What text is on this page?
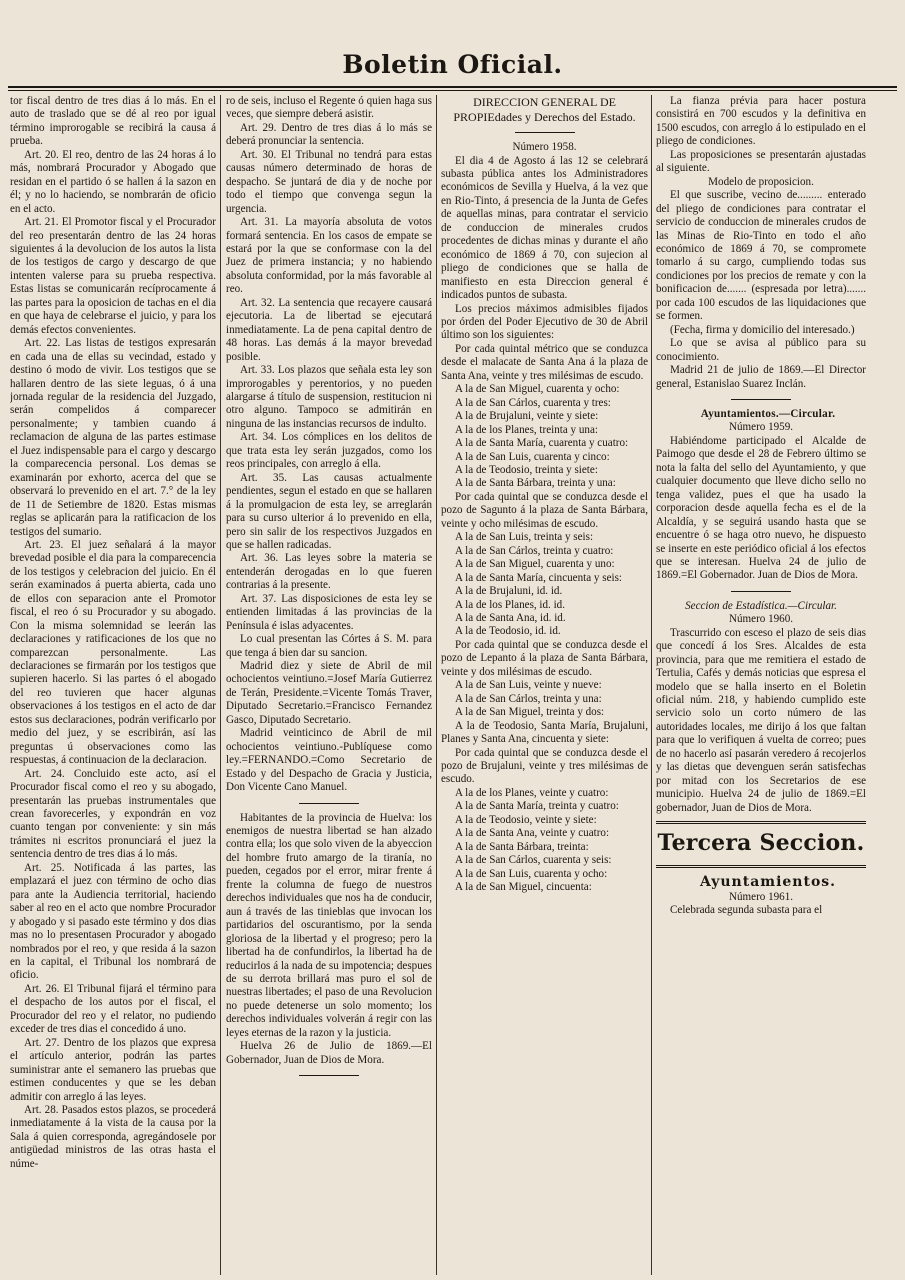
Boletin Oficial.

tor fiscal dentro de tres dias á lo más. En el auto de traslado que se dé al reo por igual término improrogable se recibirá la causa á prueba.

Art. 20. El reo, dentro de las 24 horas á lo más, nombrará Procurador y Abogado que residan en el partido ó se hallen á la sazon en él; y no lo haciendo, se nombrarán de oficio en el acto.

Art. 21. El Promotor fiscal y el Procurador del reo presentarán dentro de las 24 horas siguientes á la devolucion de los autos la lista de los testigos de cargo y descargo de que intenten valerse para su prueba respectiva. Estas listas se comunicarán recíprocamente á las partes para la oposicion de tachas en el dia en que haya de celebrarse el juicio, y para los demás efectos convenientes.

Art. 22. Las listas de testigos expresarán en cada una de ellas su vecindad, estado y destino ó modo de vivir. Los testigos que se hallaren dentro de las siete leguas, ó á una jornada regular de la residencia del Juzgado, serán compelidos á comparecer personalmente; y tambien cuando á reclamacion de alguna de las partes estimase el Juez indispensable para el cargo y descargo la comparecencia personal. Los demas se examinarán por exhorto, acerca del que se observará lo prevenido en el art. 7.° de la ley de 11 de Setiembre de 1820. Estas mismas reglas se aplicarán para la ratificacion de los testigos del sumario.

Art. 23. El juez señalará á la mayor brevedad posible el dia para la comparecencia de los testigos y celebracion del juicio. En él serán examinados á puerta abierta, cada uno de ellos con separacion ante el Promotor fiscal, el reo ó su Procurador y su abogado. Con la misma solemnidad se leerán las declaraciones y ratificaciones de los que no comparezcan personalmente. Las declaraciones se firmarán por los testigos que supieren hacerlo. Si las partes ó el abogado del reo tuvieren que hacer algunas observaciones á los testigos en el acto de dar estos sus declaraciones, podrán verificarlo por medio del juez, y se escribirán, así las preguntas ú observaciones como las respuestas, á continuacion de la declaracion.

Art. 24. Concluido este acto, así el Procurador fiscal como el reo y su abogado, presentarán las pruebas instrumentales que crean favorecerles, y expondrán en voz cuanto tengan por conveniente: y sin más trámites ni escritos pronunciará el juez la sentencia dentro de tres dias á lo más.

Art. 25. Notificada á las partes, las emplazará el juez con término de ocho dias para ante la Audiencia territorial, haciendo saber al reo en el acto que nombre Procurador y abogado y si pasado este término y dos dias mas no lo presentasen Procurador y abogado nombrados por el reo, y que resida á la sazon en la capital, el Tribunal los nombrará de oficio.

Art. 26. El Tribunal fijará el término para el despacho de los autos por el fiscal, el Procurador del reo y el relator, no pudiendo exceder de tres dias el concedido á uno.

Art. 27. Dentro de los plazos que expresa el artículo anterior, podrán las partes suministrar ante el semanero las pruebas que estimen conducentes y que se les deban admitir con arreglo á las leyes.

Art. 28. Pasados estos plazos, se procederá inmediatamente á la vista de la causa por la Sala á quien corresponda, agregándosele por antigüedad ministros de las otras hasta el núme-

ro de seis, incluso el Regente ó quien haga sus veces, que siempre deberá asistir.

Art. 29. Dentro de tres dias á lo más se deberá pronunciar la sentencia.

Art. 30. El Tribunal no tendrá para estas causas número determinado de horas de despacho. Se juntará de dia y de noche por todo el tiempo que convenga segun la urgencia.

Art. 31. La mayoría absoluta de votos formará sentencia. En los casos de empate se estará por la que se conformase con la del Juez de primera instancia; y no habiendo absoluta conformidad, por la más favorable al reo.

Art. 32. La sentencia que recayere causará ejecutoria. La de libertad se ejecutará inmediatamente. La de pena capital dentro de 48 horas. Las demás á la mayor brevedad posible.

Art. 33. Los plazos que señala esta ley son improrogables y perentorios, y no pueden alargarse á título de suspension, restitucion ni otro alguno. Tampoco se admitirán en ninguna de las instancias recursos de indulto.

Art. 34. Los cómplices en los delitos de que trata esta ley serán juzgados, como los reos principales, con arreglo á ella.

Art. 35. Las causas actualmente pendientes, segun el estado en que se hallaren á la promulgacion de esta ley, se arreglarán para su curso ulterior á lo prevenido en ella, pero sin salir de los respectivos Juzgados en que se hallen radicadas.

Art. 36. Las leyes sobre la materia se entenderán derogadas en lo que fueren contrarias á la presente.

Art. 37. Las disposiciones de esta ley se entienden limitadas á las provincias de la Península é islas adyacentes.

Lo cual presentan las Córtes á S. M. para que tenga á bien dar su sancion.

Madrid diez y siete de Abril de mil ochocientos veintiuno.=Josef María Gutierrez de Terán, Presidente.=Vicente Tomás Traver, Diputado Secretario.=Francisco Fernandez Gasco, Diputado Secretario.

Madrid veinticinco de Abril de mil ochocientos veintiuno.-Publíquese como ley.=FERNANDO.=Como Secretario de Estado y del Despacho de Gracia y Justicia, Don Vicente Cano Manuel.

Habitantes de la provincia de Huelva: los enemigos de nuestra libertad se han alzado contra ella; los que solo viven de la abyeccion del hombre fruto amargo de la tiranía, no pueden, cegados por el error, mirar frente á frente la columna de fuego de nuestros derechos individuales que nos ha de conducir, aun á través de las tinieblas que invocan los partidarios del oscurantismo, por la senda gloriosa de la libertad y el progreso; pero la libertad ha de confundirlos, la libertad ha de reducirlos á la nada de su impotencia; despues de su derrota brillará mas puro el sol de nuestras libertades; el paso de una Revolucion no puede detenerse un solo momento; los derechos individuales volverán á regir con las leyes eternas de la razon y la justicia.

Huelva 26 de Julio de 1869.—El Gobernador, Juan de Dios de Mora.

DIRECCION GENERAL DE PROPIEdades y Derechos del Estado.

Número 1958.

El dia 4 de Agosto á las 12 se celebrará subasta pública antes los Administradores económicos de Sevilla y Huelva, á la vez que en Rio-Tinto, á presencia de la Junta de Gefes de aquellas minas, para contratar el servicio de conduccion de minerales crudos procedentes de dichas minas y durante el año económico de 1869 á 70, con sujecion al pliego de condiciones que se halla de manifiesto en esta Direccion general é indicados puntos de subasta.

Los precios máximos admisibles fijados por órden del Poder Ejecutivo de 30 de Abril último son los siguientes:

Por cada quintal métrico que se conduzca desde el malacate de Santa Ana á la plaza de Santa Ana, veinte y tres milésimas de escudo.

A la de San Miguel, cuarenta y ocho:

A la de San Cárlos, cuarenta y tres:

A la de Brujaluni, veinte y siete:

A la de los Planes, treinta y una:

A la de Santa María, cuarenta y cuatro:

A la de San Luis, cuarenta y cinco:

A la de Teodosio, treinta y siete:

A la de Santa Bárbara, treinta y una:

Por cada quintal que se conduzca desde el pozo de Sagunto á la plaza de Santa Bárbara, veinte y ocho milésimas de escudo.

A la de San Luis, treinta y seis:

A la de San Cárlos, treinta y cuatro:

A la de San Miguel, cuarenta y uno:

A la de Santa María, cincuenta y seis:

A la de Brujaluni, id. id.

A la de los Planes, id. id.

A la de Santa Ana, id. id.

A la de Teodosio, id. id.

Por cada quintal que se conduzca desde el pozo de Lepanto á la plaza de Santa Bárbara, veinte y dos milésimas de escudo.

A la de San Luis, veinte y nueve:

A la de San Cárlos, treinta y una:

A la de San Miguel, treinta y dos:

A la de Teodosio, Santa María, Brujaluni, Planes y Santa Ana, cincuenta y siete:

Por cada quintal que se conduzca desde el pozo de Brujaluni, veinte y tres milésimas de escudo.

A la de los Planes, veinte y cuatro:

A la de Santa María, treinta y cuatro:

A la de Teodosio, veinte y siete:

A la de Santa Ana, veinte y cuatro:

A la de Santa Bárbara, treinta:

A la de San Cárlos, cuarenta y seis:

A la de San Luis, cuarenta y ocho:

A la de San Miguel, cincuenta:

La fianza prévia para hacer postura consistirá en 700 escudos y la definitiva en 1500 escudos, con arreglo á lo estipulado en el pliego de condiciones.

Las proposiciones se presentarán ajustadas al siguiente.

Modelo de proposicion.

El que suscribe, vecino de......... enterado del pliego de condiciones para contratar el servicio de conduccion de minerales crudos de las Minas de Rio-Tinto en todo el año económico de 1869 á 70, se compromete tomarlo á su cargo, cumpliendo todas sus condiciones por los precios de remate y con la bonificacion de....... (espresada por letra)....... por cada 100 escudos de las liquidaciones que se formen.

(Fecha, firma y domicilio del interesado.)

Lo que se avisa al público para su conocimiento.

Madrid 21 de julio de 1869.—El Director general, Estanislao Suarez Inclán.

Ayuntamientos.—Circular.

Número 1959.

Habiéndome participado el Alcalde de Paimogo que desde el 28 de Febrero último se nota la falta del sello del Ayuntamiento, y que cualquier documento que lleve dicho sello no tenga validez, pues el que ha usado la corporacion desde aquella fecha es el de la Alcaldía, y se seguirá usando hasta que se encuentre ó se haga otro nuevo, he dispuesto se inserte en este periódico oficial á los efectos que se interesan. Huelva 24 de julio de 1869.=El Gobernador. Juan de Dios de Mora.

Seccion de Estadística.—Circular.

Número 1960.

Trascurrido con esceso el plazo de seis dias que concedí á los Sres. Alcaldes de esta provincia, para que me remitiera el estado de Tertulia, Cafés y demás noticias que espresa el modelo que se halla inserto en el Boletin oficial núm. 218, y habiendo cumplido este servicio solo un corto número de las autoridades locales, me dirijo á los que faltan para que lo verifiquen á vuelta de correo; pues de no hacerlo así pasarán veredero á recojerlos y las dietas que devenguen serán satisfechas por mitad con los Secretarios de ese municipio. Huelva 24 de julio de 1869.=El gobernador, Juan de Dios de Mora.

Tercera Seccion.

Ayuntamientos.

Número 1961.

Celebrada segunda subasta para el
